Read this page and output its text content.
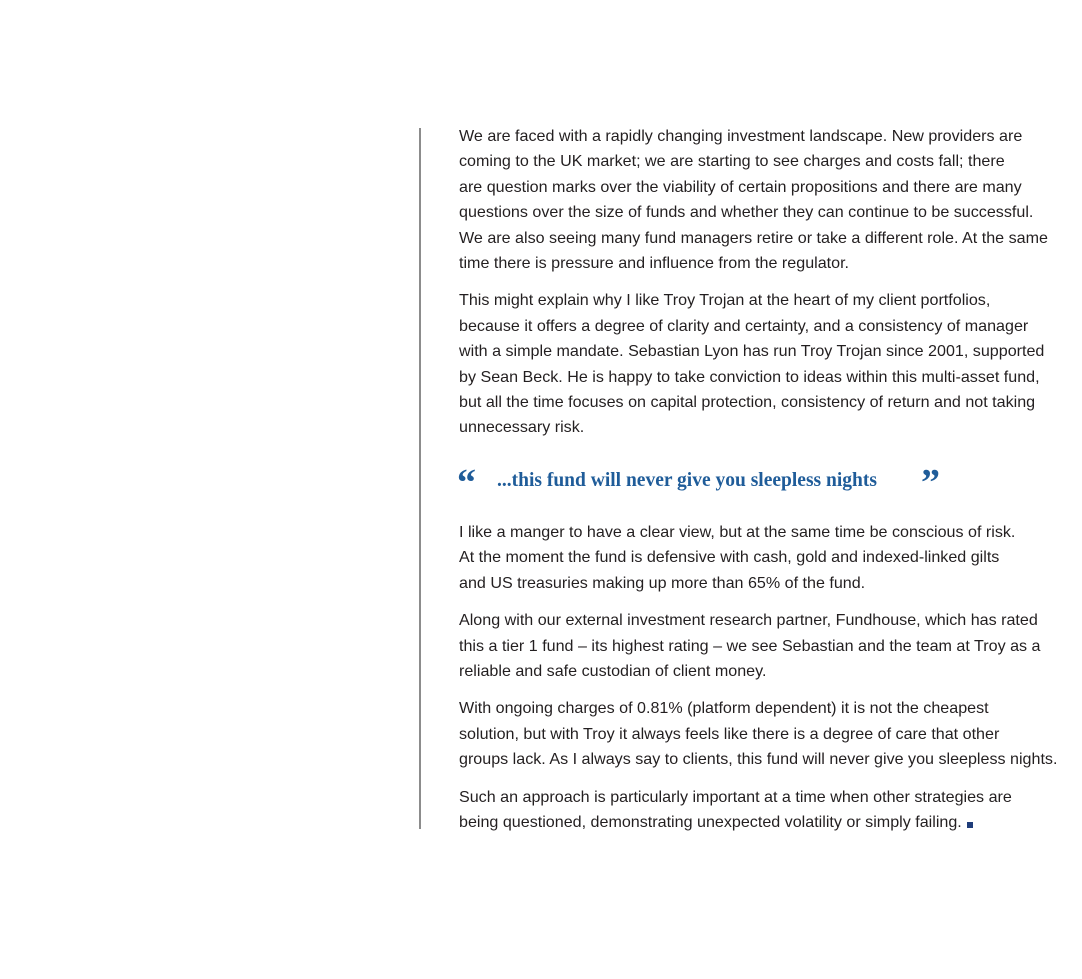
We are faced with a rapidly changing investment landscape. New providers are
coming to the UK market; we are starting to see charges and costs fall; there
are question marks over the viability of certain propositions and there are many
questions over the size of funds and whether they can continue to be successful.
We are also seeing many fund managers retire or take a different role. At the same
time there is pressure and influence from the regulator.

This might explain why I like Troy Trojan at the heart of my client portfolios,
because it offers a degree of clarity and certainty, and a consistency of manager
with a simple mandate. Sebastian Lyon has run Troy Trojan since 2001, supported
by Sean Beck. He is happy to take conviction to ideas within this multi-asset fund,
but all the time focuses on capital protection, consistency of return and not taking
unnecessary risk.

“ ...this fund will never give you sleepless nights ”

I like a manger to have a clear view, but at the same time be conscious of risk.
At the moment the fund is defensive with cash, gold and indexed-linked gilts
and US treasuries making up more than 65% of the fund.

Along with our external investment research partner, Fundhouse, which has rated
this a tier 1 fund – its highest rating – we see Sebastian and the team at Troy as a
reliable and safe custodian of client money.

With ongoing charges of 0.81% (platform dependent) it is not the cheapest
solution, but with Troy it always feels like there is a degree of care that other
groups lack. As I always say to clients, this fund will never give you sleepless nights.

Such an approach is particularly important at a time when other strategies are
being questioned, demonstrating unexpected volatility or simply failing.
